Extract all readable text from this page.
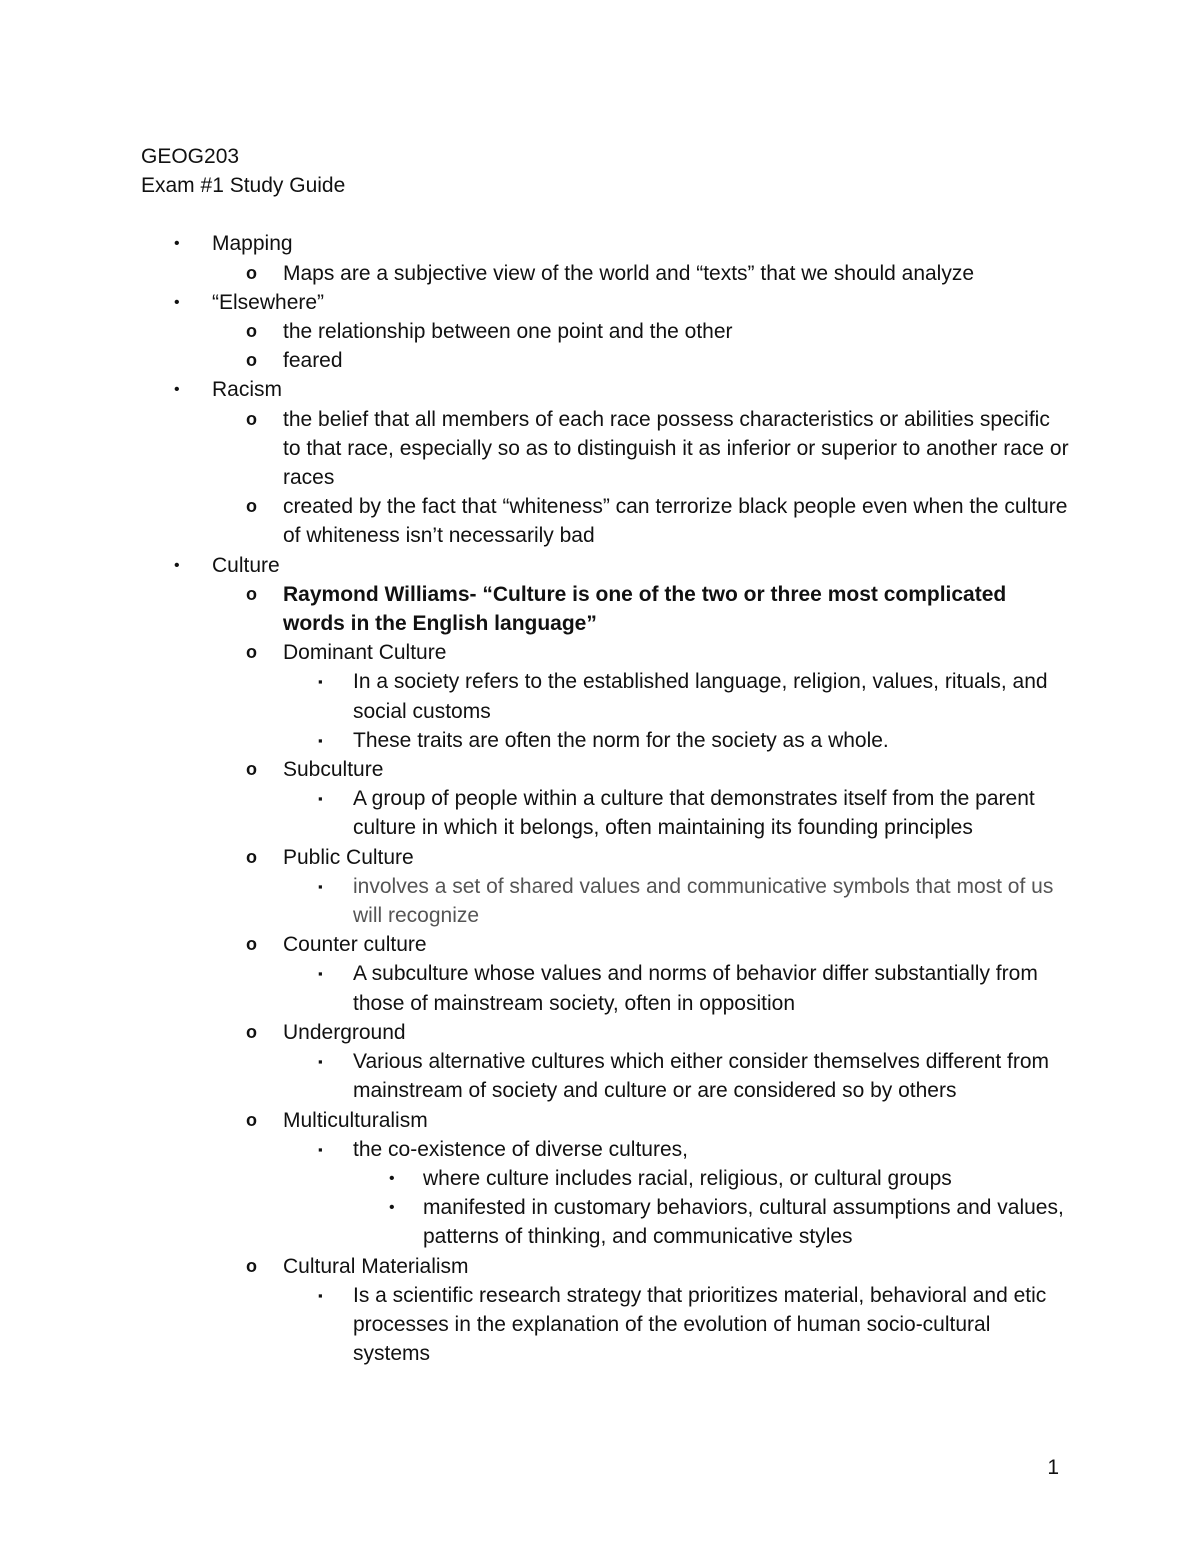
GEOG203
Exam #1 Study Guide
• Mapping
o Maps are a subjective view of the world and “texts” that we should analyze
• “Elsewhere”
o the relationship between one point and the other
o feared
• Racism
o the belief that all members of each race possess characteristics or abilities specific to that race, especially so as to distinguish it as inferior or superior to another race or races
o created by the fact that “whiteness” can terrorize black people even when the culture of whiteness isn’t necessarily bad
• Culture
o Raymond Williams- “Culture is one of the two or three most complicated words in the English language”
o Dominant Culture
▪ In a society refers to the established language, religion, values, rituals, and social customs
▪ These traits are often the norm for the society as a whole.
o Subculture
▪ A group of people within a culture that demonstrates itself from the parent culture in which it belongs, often maintaining its founding principles
o Public Culture
▪ involves a set of shared values and communicative symbols that most of us will recognize
o Counter culture
▪ A subculture whose values and norms of behavior differ substantially from those of mainstream society, often in opposition
o Underground
▪ Various alternative cultures which either consider themselves different from mainstream of society and culture or are considered so by others
o Multiculturalism
▪ the co-existence of diverse cultures,
• where culture includes racial, religious, or cultural groups
• manifested in customary behaviors, cultural assumptions and values, patterns of thinking, and communicative styles
o Cultural Materialism
▪ Is a scientific research strategy that prioritizes material, behavioral and etic processes in the explanation of the evolution of human socio-cultural systems
1
